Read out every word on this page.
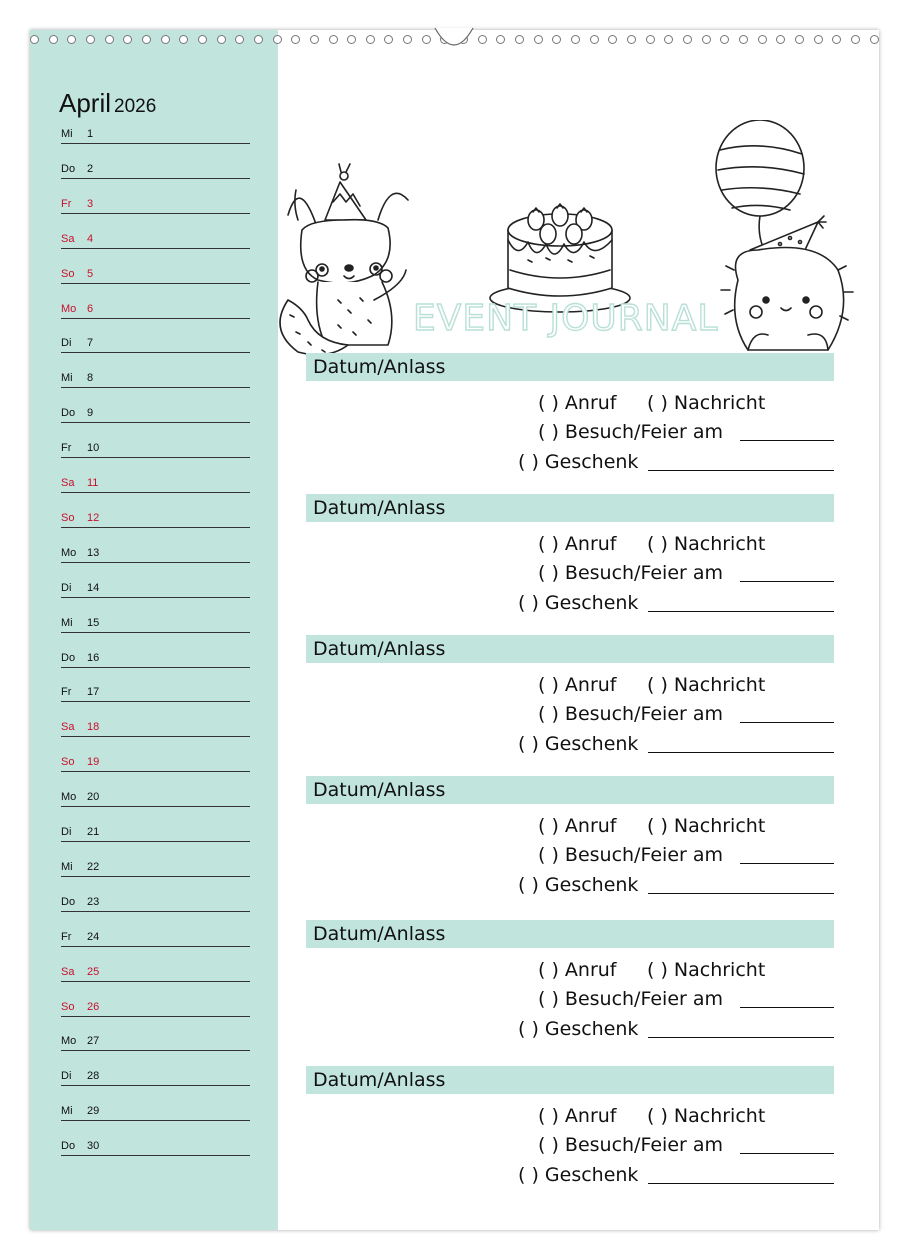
April 2026
Mi 1
Do 2
Fr 3
Sa 4
So 5
Mo 6
Di 7
Mi 8
Do 9
Fr 10
Sa 11
So 12
Mo 13
Di 14
Mi 15
Do 16
Fr 17
Sa 18
So 19
Mo 20
Di 21
Mi 22
Do 23
Fr 24
Sa 25
So 26
Mo 27
Di 28
Mi 29
Do 30
EVENT JOURNAL
Datum/Anlass
( ) Anruf ( ) Nachricht
( ) Besuch/Feier am
( ) Geschenk
Datum/Anlass
( ) Anruf ( ) Nachricht
( ) Besuch/Feier am
( ) Geschenk
Datum/Anlass
( ) Anruf ( ) Nachricht
( ) Besuch/Feier am
( ) Geschenk
Datum/Anlass
( ) Anruf ( ) Nachricht
( ) Besuch/Feier am
( ) Geschenk
Datum/Anlass
( ) Anruf ( ) Nachricht
( ) Besuch/Feier am
( ) Geschenk
Datum/Anlass
( ) Anruf ( ) Nachricht
( ) Besuch/Feier am
( ) Geschenk
